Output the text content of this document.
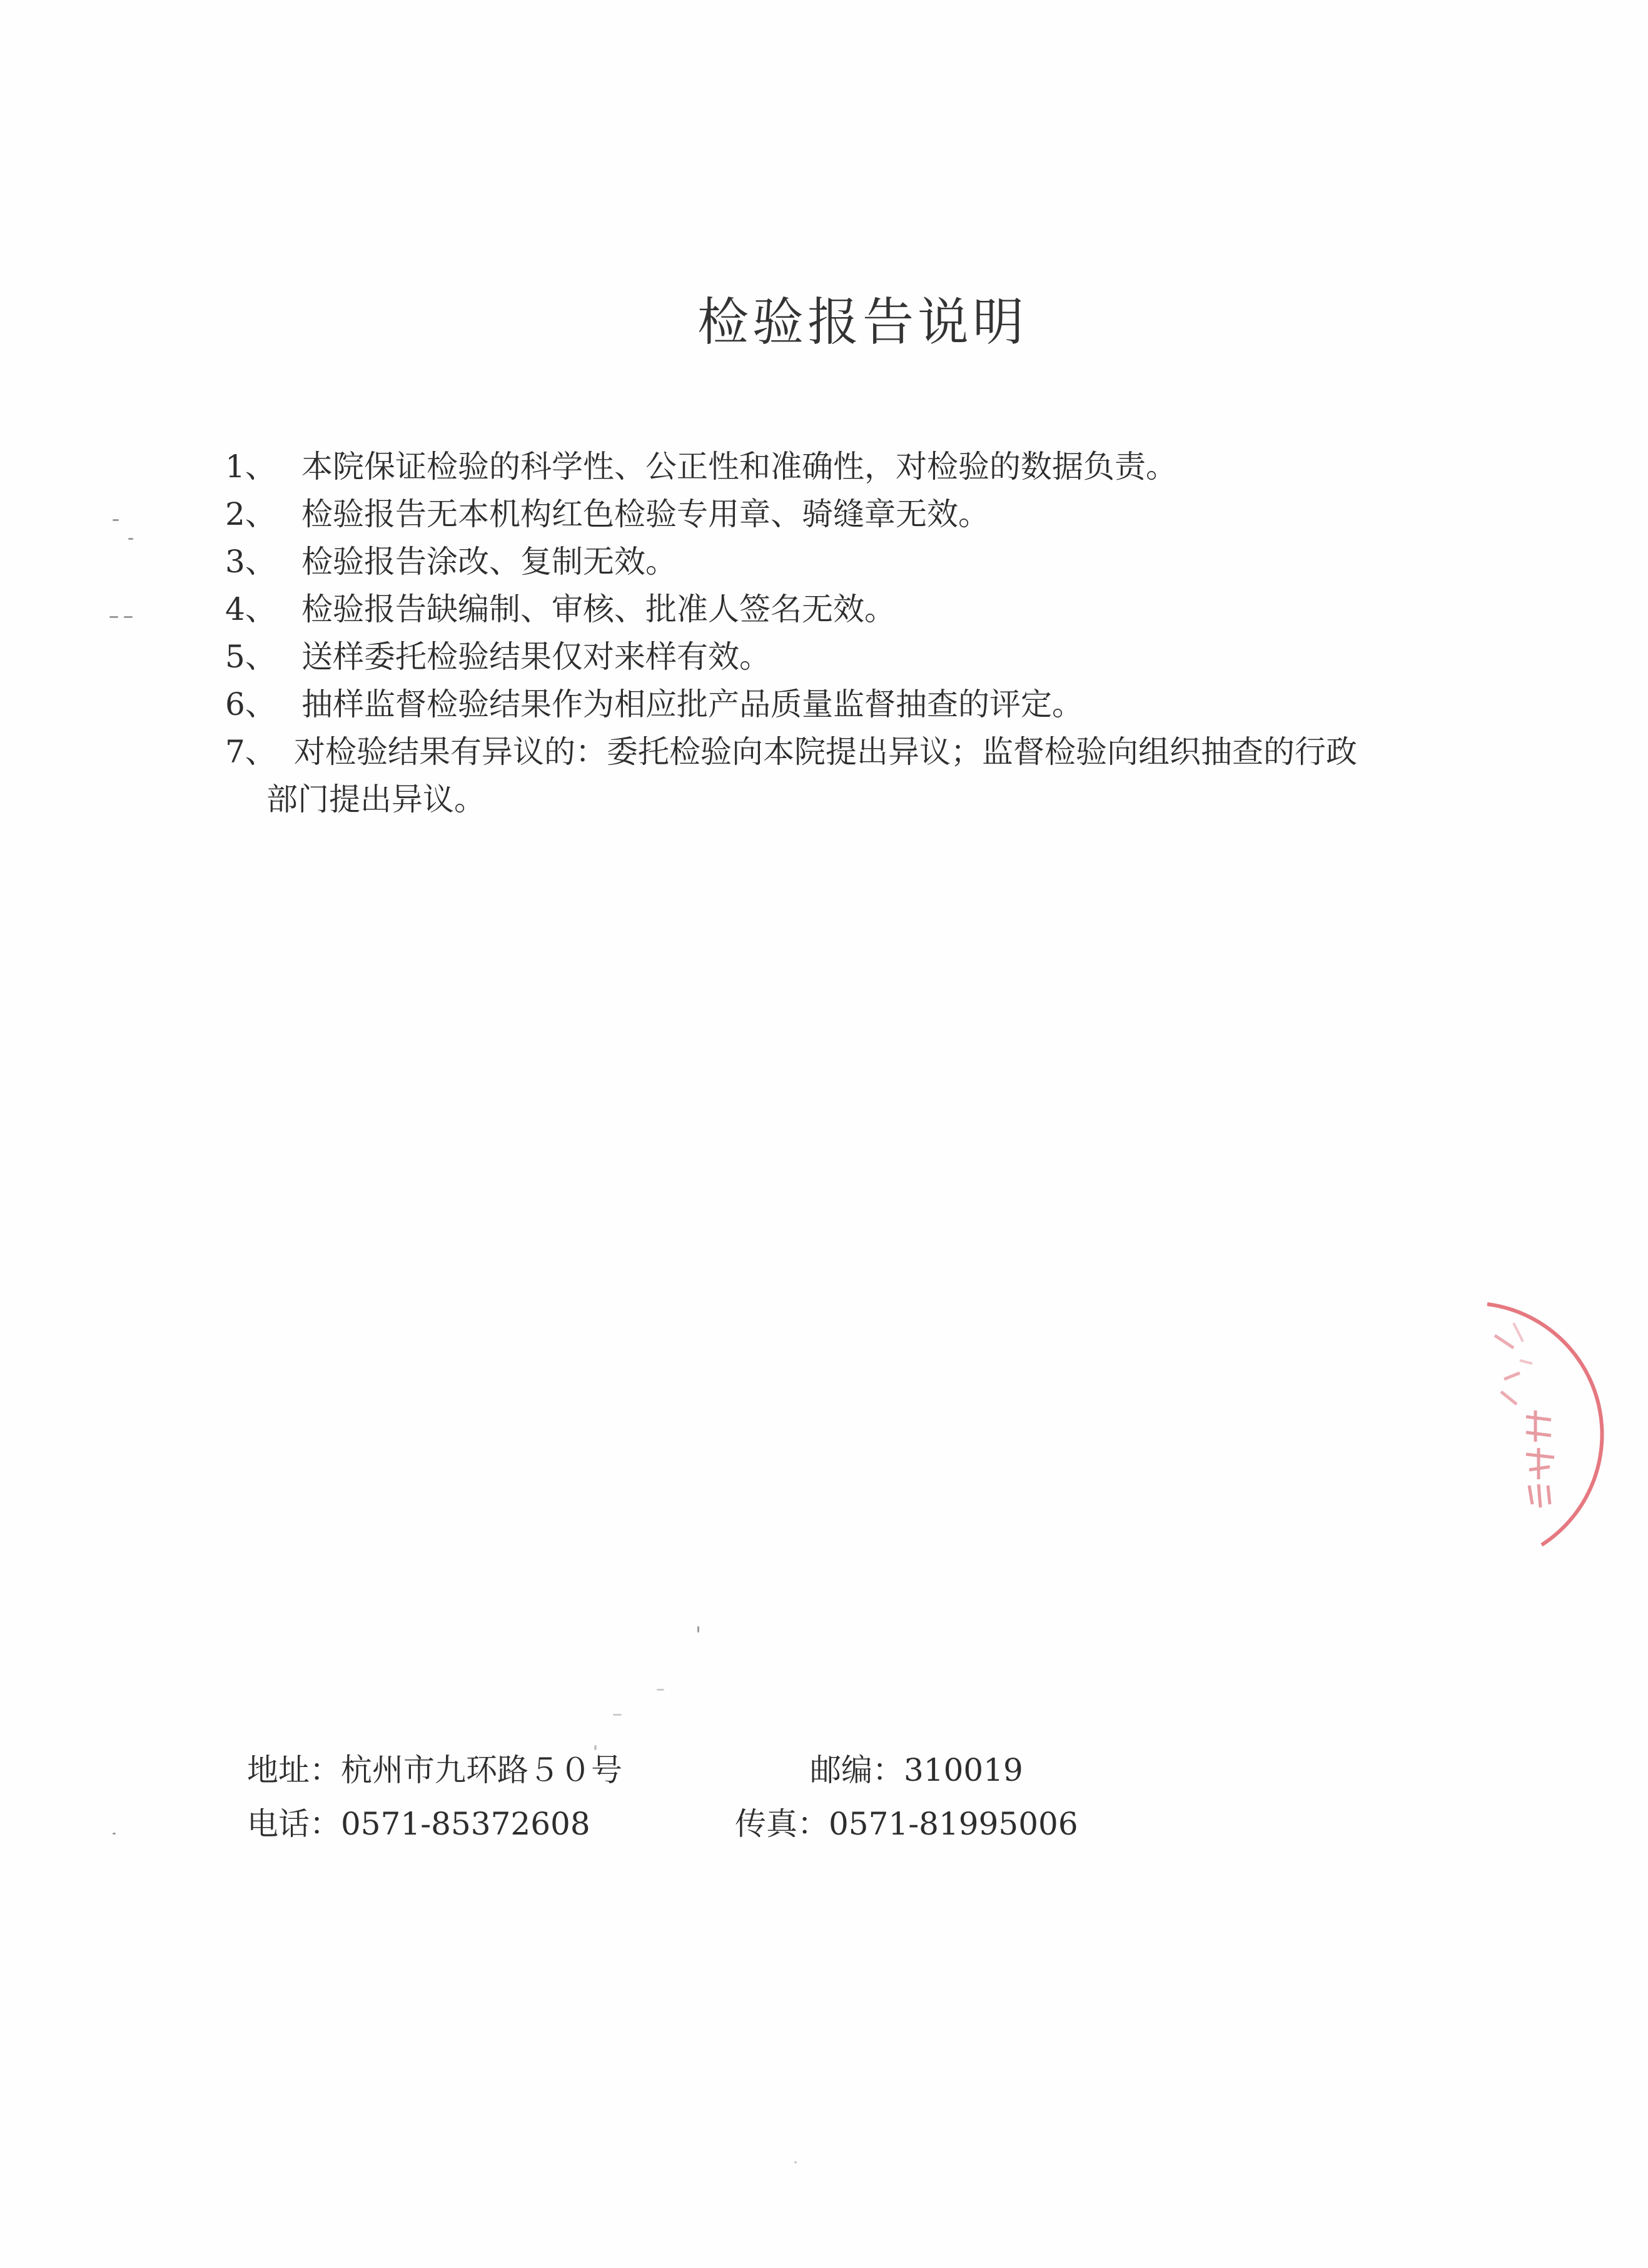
检验报告说明
1、 本院保证检验的科学性、公正性和准确性，对检验的数据负责。
2、 检验报告无本机构红色检验专用章、骑缝章无效。
3、 检验报告涂改、复制无效。
4、 检验报告缺编制、审核、批准人签名无效。
5、 送样委托检验结果仅对来样有效。
6、 抽样监督检验结果作为相应批产品质量监督抽查的评定。
7、 对检验结果有异议的：委托检验向本院提出异议；监督检验向组织抽查的行政
部门提出异议。
地址：杭州市九环路５０号	邮编：310019
电话：0571-85372608	传真：0571-81995006
